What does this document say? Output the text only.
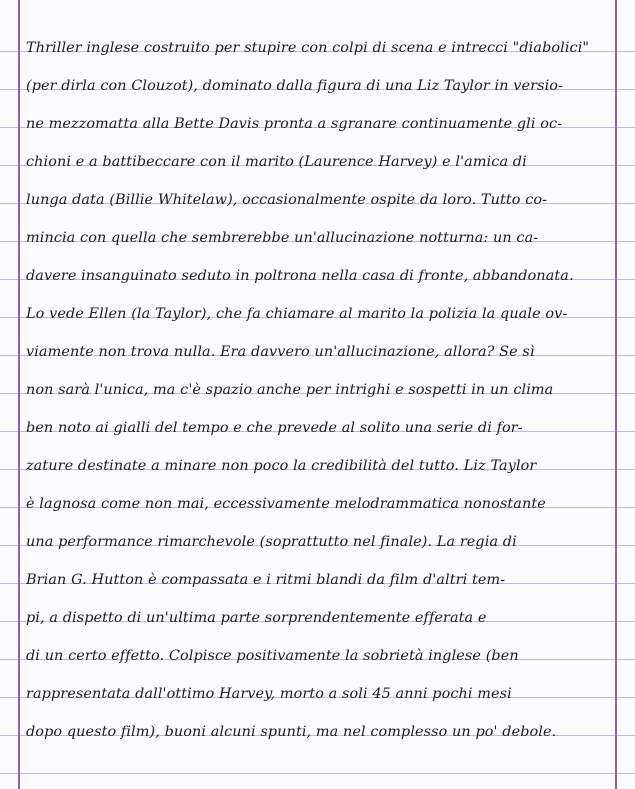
Thriller inglese costruito per stupire con colpi di scena e intrecci "diabolici"
(per dirla con Clouzot), dominato dalla figura di una Liz Taylor in versio-
ne mezzomatta alla Bette Davis pronta a sgranare continuamente gli oc-
chioni e a battibeccare con il marito (Laurence Harvey) e l'amica di
lunga data (Billie Whitelaw), occasionalmente ospite da loro. Tutto co-
mincia con quella che sembrerebbe un'allucinazione notturna: un ca-
davere insanguinato seduto in poltrona nella casa di fronte, abbandonata.
Lo vede Ellen (la Taylor), che fa chiamare al marito la polizia la quale ov-
viamente non trova nulla. Era davvero un'allucinazione, allora? Se sì
non sarà l'unica, ma c'è spazio anche per intrighi e sospetti in un clima
ben noto ai gialli del tempo e che prevede al solito una serie di for-
zature destinate a minare non poco la credibilità del tutto. Liz Taylor
è lagnosa come non mai, eccessivamente melodrammatica nonostante
una performance rimarchevole (soprattutto nel finale). La regia di
Brian G. Hutton è compassata e i ritmi blandi da film d'altri tem-
pi, a dispetto di un'ultima parte sorprendentemente efferata e
di un certo effetto. Colpisce positivamente la sobrietà inglese (ben
rappresentata dall'ottimo Harvey, morto a soli 45 anni pochi mesi
dopo questo film), buoni alcuni spunti, ma nel complesso un po' debole.
